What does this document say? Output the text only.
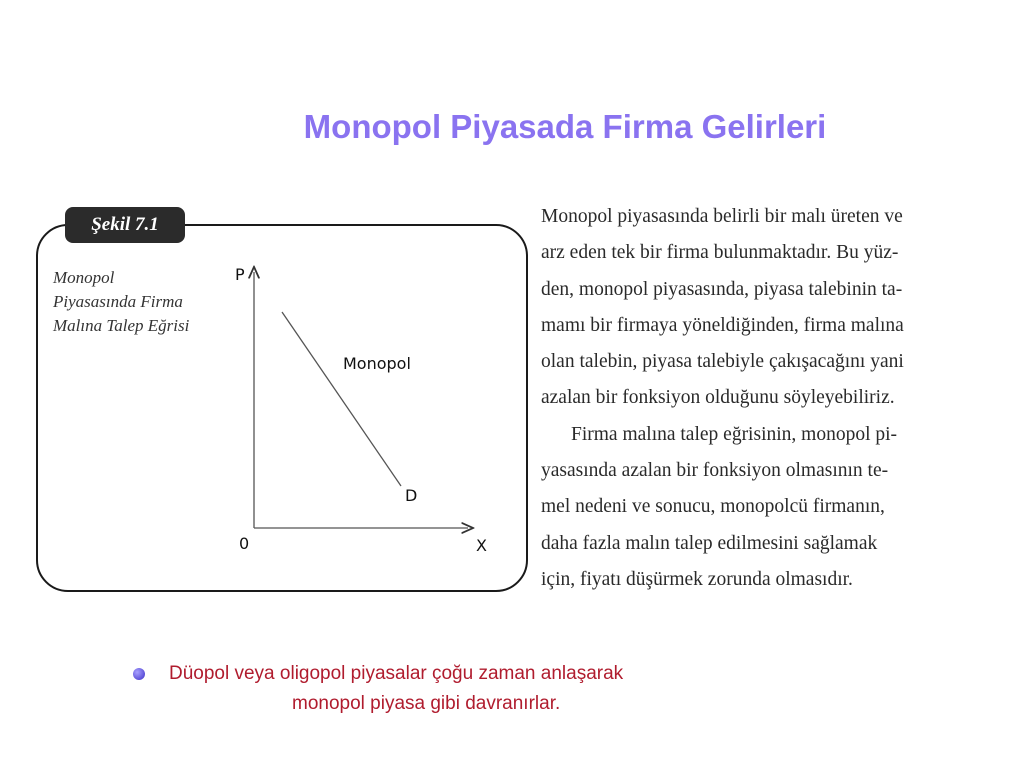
Monopol Piyasada Firma Gelirleri
Şekil 7.1
Monopol
Piyasasında Firma
Malına Talep Eğrisi
P
X
0
Monopol
D
Monopol piyasasında belirli bir malı üreten ve
arz eden tek bir firma bulunmaktadır. Bu yüz-
den, monopol piyasasında, piyasa talebinin ta-
mamı bir firmaya yöneldiğinden, firma malına
olan talebin, piyasa talebiyle çakışacağını yani
azalan bir fonksiyon olduğunu söyleyebiliriz.
Firma malına talep eğrisinin, monopol pi-
yasasında azalan bir fonksiyon olmasının te-
mel nedeni ve sonucu, monopolcü firmanın,
daha fazla malın talep edilmesini sağlamak
için, fiyatı düşürmek zorunda olmasıdır.
Düopol veya oligopol piyasalar çoğu zaman anlaşarak
monopol piyasa gibi davranırlar.
